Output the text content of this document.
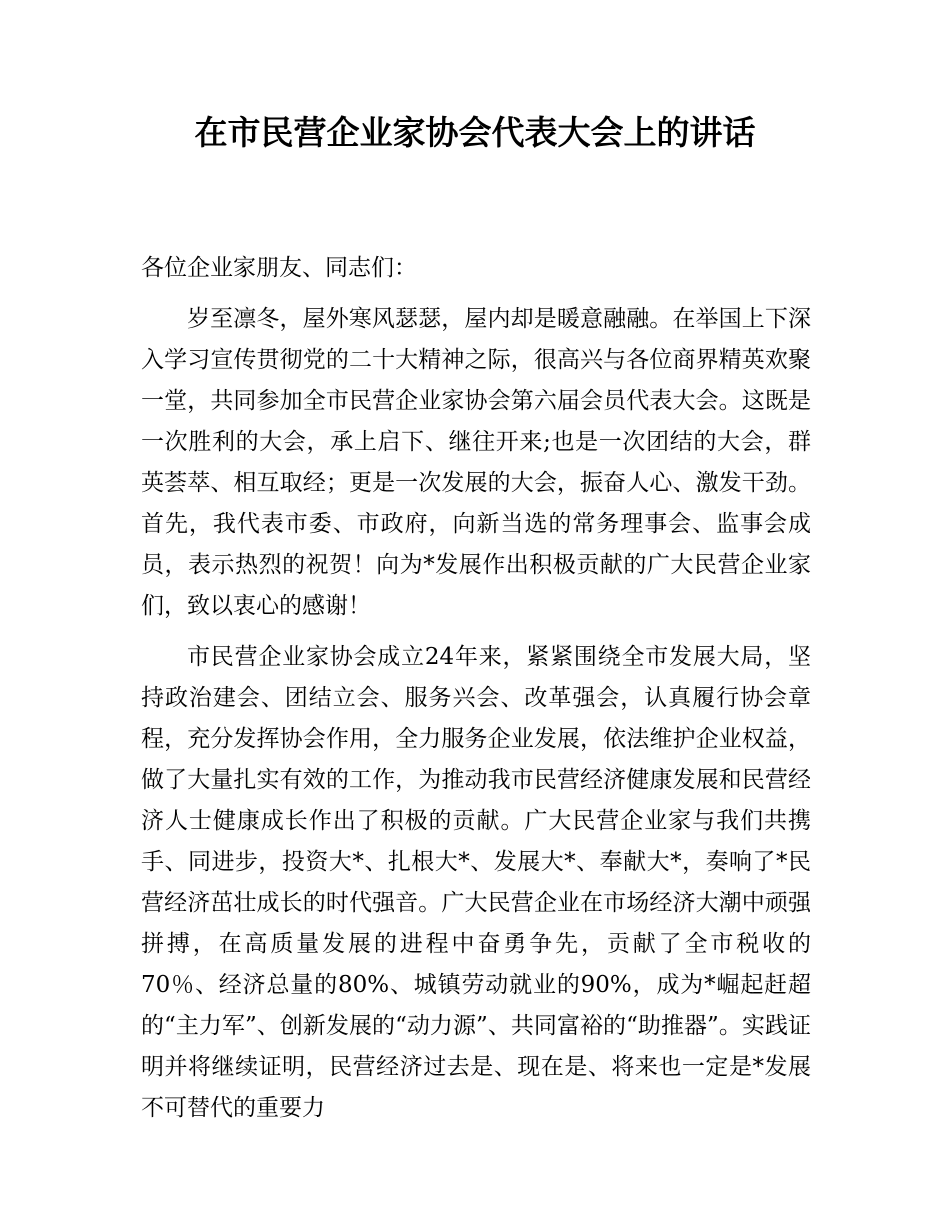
在市民营企业家协会代表大会上的讲话

各位企业家朋友、同志们：

岁至凛冬，屋外寒风瑟瑟，屋内却是暖意融融。在举国上下深入学习宣传贯彻党的二十大精神之际，很高兴与各位商界精英欢聚一堂，共同参加全市民营企业家协会第六届会员代表大会。这既是一次胜利的大会，承上启下、继往开来;也是一次团结的大会，群英荟萃、相互取经；更是一次发展的大会，振奋人心、激发干劲。首先，我代表市委、市政府，向新当选的常务理事会、监事会成员，表示热烈的祝贺！向为*发展作出积极贡献的广大民营企业家们，致以衷心的感谢！

市民营企业家协会成立24年来，紧紧围绕全市发展大局，坚持政治建会、团结立会、服务兴会、改革强会，认真履行协会章程，充分发挥协会作用，全力服务企业发展，依法维护企业权益，做了大量扎实有效的工作，为推动我市民营经济健康发展和民营经济人士健康成长作出了积极的贡献。广大民营企业家与我们共携手、同进步，投资大*、扎根大*、发展大*、奉献大*，奏响了*民营经济茁壮成长的时代强音。广大民营企业在市场经济大潮中顽强拼搏，在高质量发展的进程中奋勇争先，贡献了全市税收的70％、经济总量的80%、城镇劳动就业的90%，成为*崛起赶超的“主力军”、创新发展的“动力源”、共同富裕的“助推器”。实践证明并将继续证明，民营经济过去是、现在是、将来也一定是*发展不可替代的重要力
